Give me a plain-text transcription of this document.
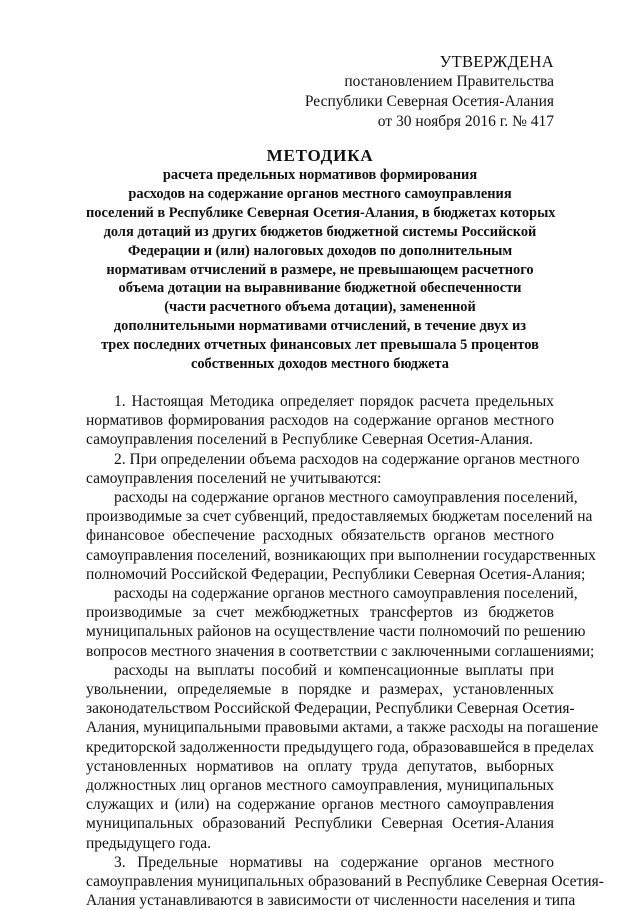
УТВЕРЖДЕНА
постановлением Правительства
Республики Северная Осетия-Алания
от 30 ноября 2016 г. № 417
МЕТОДИКА
расчета предельных нормативов формирования
расходов на содержание органов местного самоуправления
поселений в Республике Северная Осетия-Алания, в бюджетах которых
доля дотаций из других бюджетов бюджетной системы Российской
Федерации и (или) налоговых доходов по дополнительным
нормативам отчислений в размере, не превышающем расчетного
объема дотации на выравнивание бюджетной обеспеченности
(части расчетного объема дотации), замененной
дополнительными нормативами отчислений, в течение двух из
трех последних отчетных финансовых лет превышала 5 процентов
собственных доходов местного бюджета
1. Настоящая Методика определяет порядок расчета предельных
нормативов формирования расходов на содержание органов местного
самоуправления поселений в Республике Северная Осетия-Алания.
2. При определении объема расходов на содержание органов местного
самоуправления поселений не учитываются:
расходы на содержание органов местного самоуправления поселений,
производимые за счет субвенций, предоставляемых бюджетам поселений на
финансовое обеспечение расходных обязательств органов местного
самоуправления поселений, возникающих при выполнении государственных
полномочий Российской Федерации, Республики Северная Осетия-Алания;
расходы на содержание органов местного самоуправления поселений,
производимые за счет межбюджетных трансфертов из бюджетов
муниципальных районов на осуществление части полномочий по решению
вопросов местного значения в соответствии с заключенными соглашениями;
расходы на выплаты пособий и компенсационные выплаты при
увольнении, определяемые в порядке и размерах, установленных
законодательством Российской Федерации, Республики Северная Осетия-
Алания, муниципальными правовыми актами, а также расходы на погашение
кредиторской задолженности предыдущего года, образовавшейся в пределах
установленных нормативов на оплату труда депутатов, выборных
должностных лиц органов местного самоуправления, муниципальных
служащих и (или) на содержание органов местного самоуправления
муниципальных образований Республики Северная Осетия-Алания
предыдущего года.
3. Предельные нормативы на содержание органов местного
самоуправления муниципальных образований в Республике Северная Осетия-
Алания устанавливаются в зависимости от численности населения и типа
